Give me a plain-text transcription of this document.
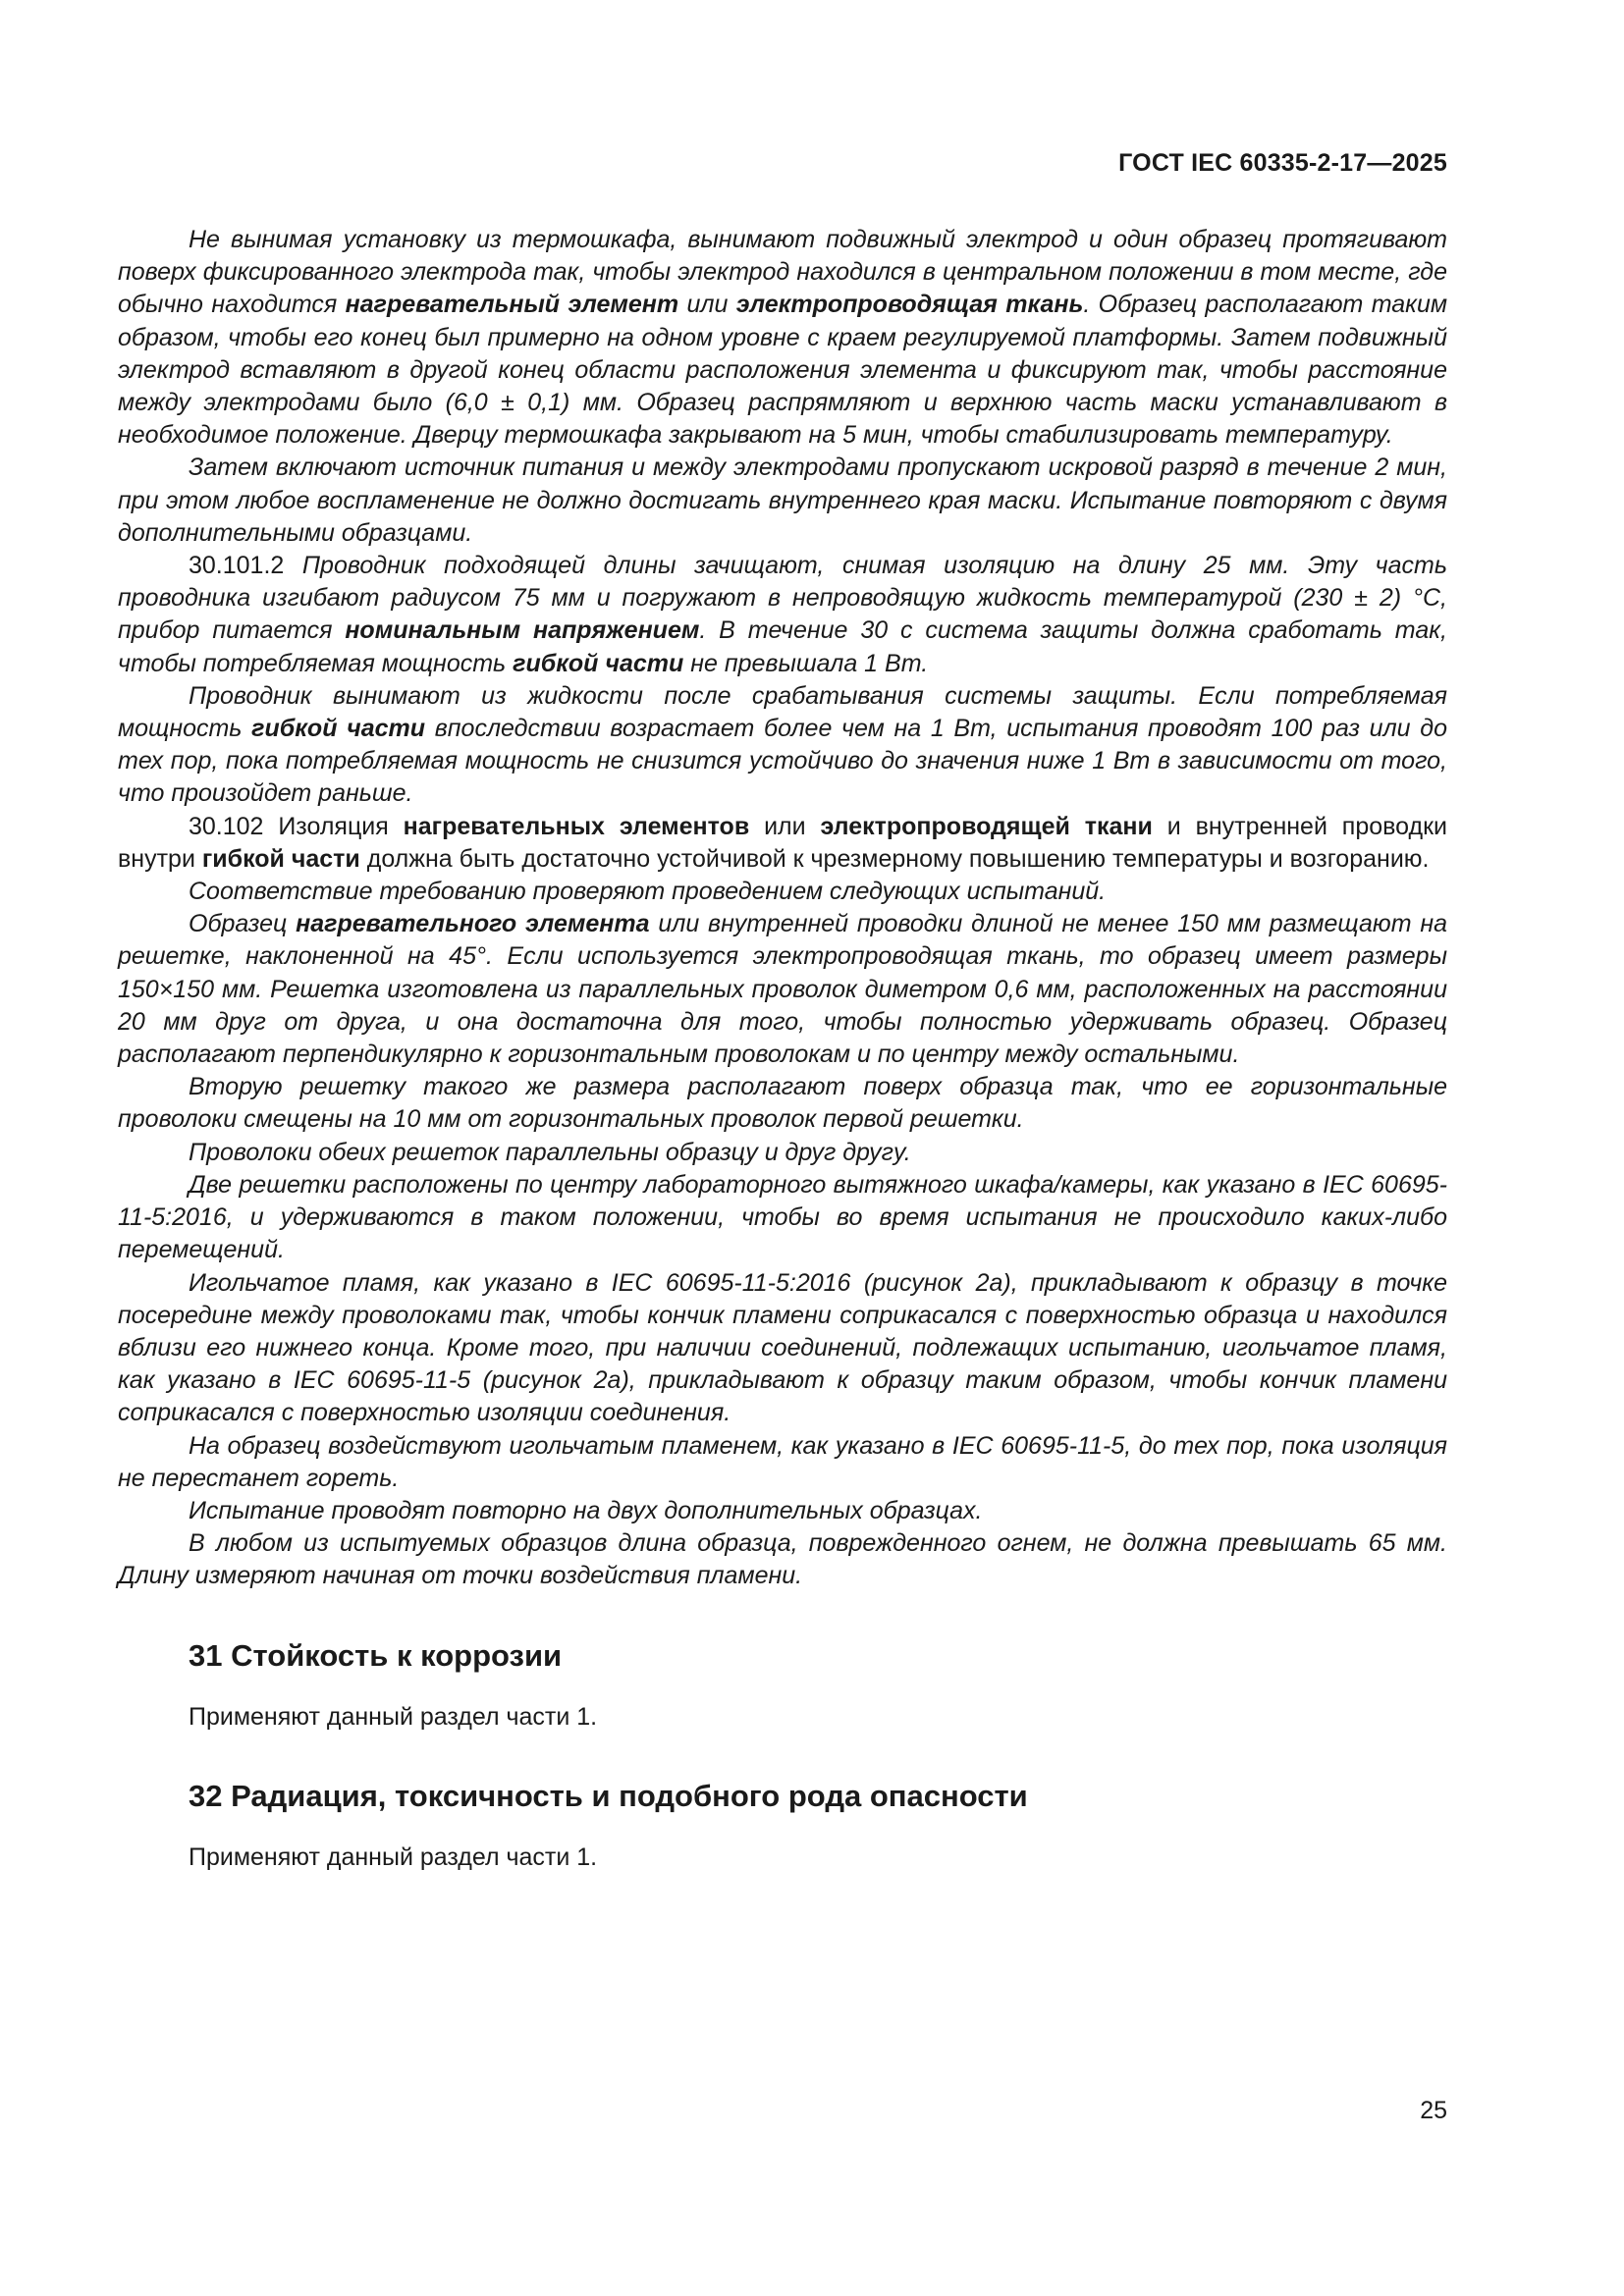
ГОСТ IEC 60335-2-17—2025

Не вынимая установку из термошкафа, вынимают подвижный электрод и один образец протягивают поверх фиксированного электрода так, чтобы электрод находился в центральном положении в том месте, где обычно находится нагревательный элемент или электропроводящая ткань. Образец располагают таким образом, чтобы его конец был примерно на одном уровне с краем регулируемой платформы. Затем подвижный электрод вставляют в другой конец области расположения элемента и фиксируют так, чтобы расстояние между электродами было (6,0 ± 0,1) мм. Образец распрямляют и верхнюю часть маски устанавливают в необходимое положение. Дверцу термошкафа закрывают на 5 мин, чтобы стабилизировать температуру.

Затем включают источник питания и между электродами пропускают искровой разряд в течение 2 мин, при этом любое воспламенение не должно достигать внутреннего края маски. Испытание повторяют с двумя дополнительными образцами.

30.101.2 Проводник подходящей длины зачищают, снимая изоляцию на длину 25 мм. Эту часть проводника изгибают радиусом 75 мм и погружают в непроводящую жидкость температурой (230 ± 2) °С, прибор питается номинальным напряжением. В течение 30 с система защиты должна сработать так, чтобы потребляемая мощность гибкой части не превышала 1 Вт.

Проводник вынимают из жидкости после срабатывания системы защиты. Если потребляемая мощность гибкой части впоследствии возрастает более чем на 1 Вт, испытания проводят 100 раз или до тех пор, пока потребляемая мощность не снизится устойчиво до значения ниже 1 Вт в зависимости от того, что произойдет раньше.

30.102 Изоляция нагревательных элементов или электропроводящей ткани и внутренней проводки внутри гибкой части должна быть достаточно устойчивой к чрезмерному повышению температуры и возгоранию.

Соответствие требованию проверяют проведением следующих испытаний.

Образец нагревательного элемента или внутренней проводки длиной не менее 150 мм размещают на решетке, наклоненной на 45°. Если используется электропроводящая ткань, то образец имеет размеры 150×150 мм. Решетка изготовлена из параллельных проволок диметром 0,6 мм, расположенных на расстоянии 20 мм друг от друга, и она достаточна для того, чтобы полностью удерживать образец. Образец располагают перпендикулярно к горизонтальным проволокам и по центру между остальными.

Вторую решетку такого же размера располагают поверх образца так, что ее горизонтальные проволоки смещены на 10 мм от горизонтальных проволок первой решетки.

Проволоки обеих решеток параллельны образцу и друг другу.

Две решетки расположены по центру лабораторного вытяжного шкафа/камеры, как указано в IEC 60695-11-5:2016, и удерживаются в таком положении, чтобы во время испытания не происходило каких-либо перемещений.

Игольчатое пламя, как указано в IEC 60695-11-5:2016 (рисунок 2а), прикладывают к образцу в точке посередине между проволоками так, чтобы кончик пламени соприкасался с поверхностью образца и находился вблизи его нижнего конца. Кроме того, при наличии соединений, подлежащих испытанию, игольчатое пламя, как указано в IEC 60695-11-5 (рисунок 2а), прикладывают к образцу таким образом, чтобы кончик пламени соприкасался с поверхностью изоляции соединения.

На образец воздействуют игольчатым пламенем, как указано в IEC 60695-11-5, до тех пор, пока изоляция не перестанет гореть.

Испытание проводят повторно на двух дополнительных образцах.

В любом из испытуемых образцов длина образца, поврежденного огнем, не должна превышать 65 мм. Длину измеряют начиная от точки воздействия пламени.

31 Стойкость к коррозии
Применяют данный раздел части 1.
32 Радиация, токсичность и подобного рода опасности
Применяют данный раздел части 1.
25
